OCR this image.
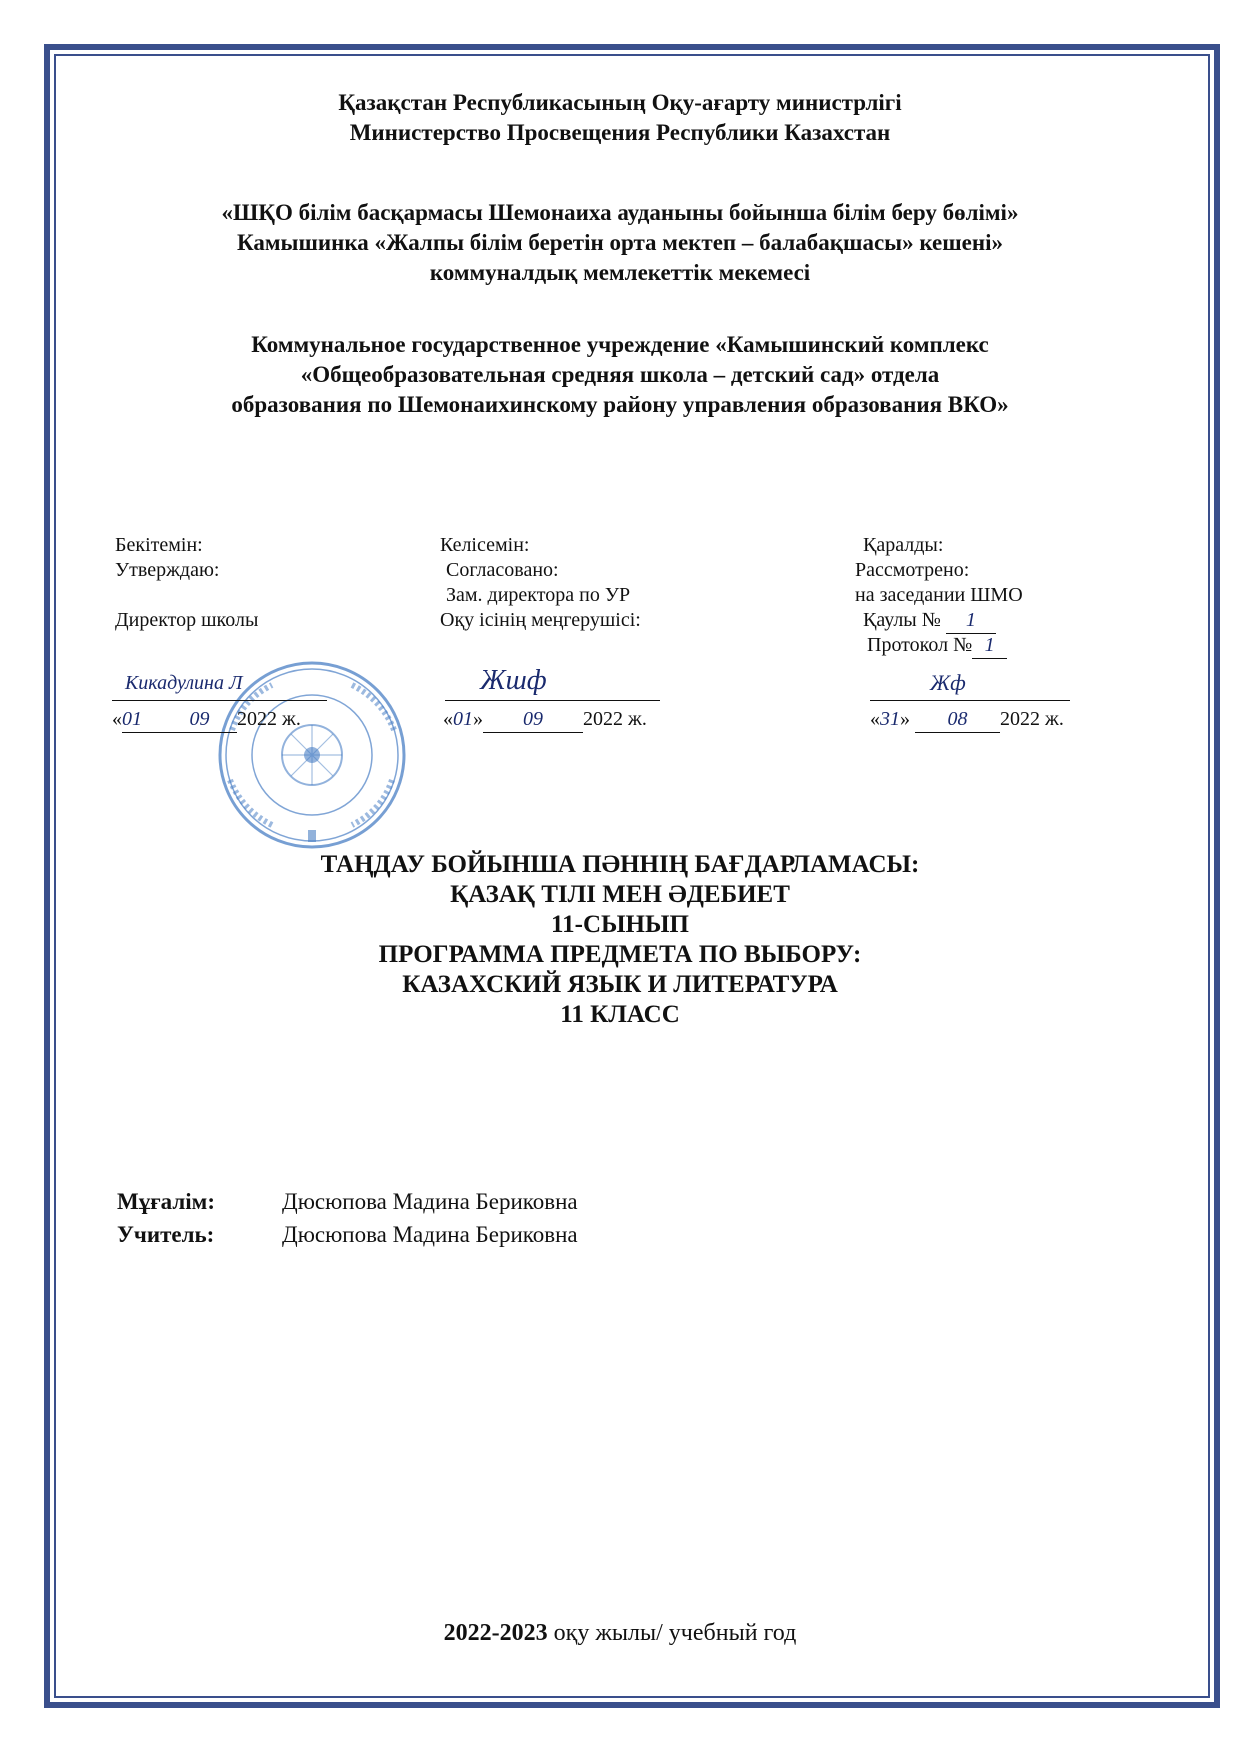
Қазақстан Республикасының Оқу-ағарту министрлігі
Министерство Просвещения Республики Казахстан
«ШҚО білім басқармасы Шемонаиха ауданыны бойынша білім беру бөлімі»
Камышинка «Жалпы білім беретін орта мектеп – балабақшасы» кешені»
коммуналдық мемлекеттік мекемесі
Коммунальное государственное учреждение «Камышинский комплекс
«Общеобразовательная средняя школа – детский сад» отдела
образования по Шемонаихинскому району управления образования ВКО»
Бекітемін:
Утверждаю:
Директор школы
Кикадулина Л
«01 09 2022 ж.
Келісемін:
Согласовано:
Зам. директора по УР
Оқу ісінің меңгерушісі:
Жшф
«01» 09 2022 ж.
Қаралды:
Рассмотрено:
на заседании ШМО
Қаулы № 1
Протокол № 1
Жф
«31» 08 2022 ж.
ТАҢДАУ БОЙЫНША ПӘННІҢ БАҒДАРЛАМАСЫ:
ҚАЗАҚ ТІЛІ МЕН ӘДЕБИЕТ
11-СЫНЫП
ПРОГРАММА ПРЕДМЕТА ПО ВЫБОРУ:
КАЗАХСКИЙ ЯЗЫК И ЛИТЕРАТУРА
11 КЛАСС
Мұғалім:	Дюсюпова Мадина Бериковна
Учитель:	Дюсюпова Мадина Бериковна
2022-2023 оқу жылы/ учебный год
